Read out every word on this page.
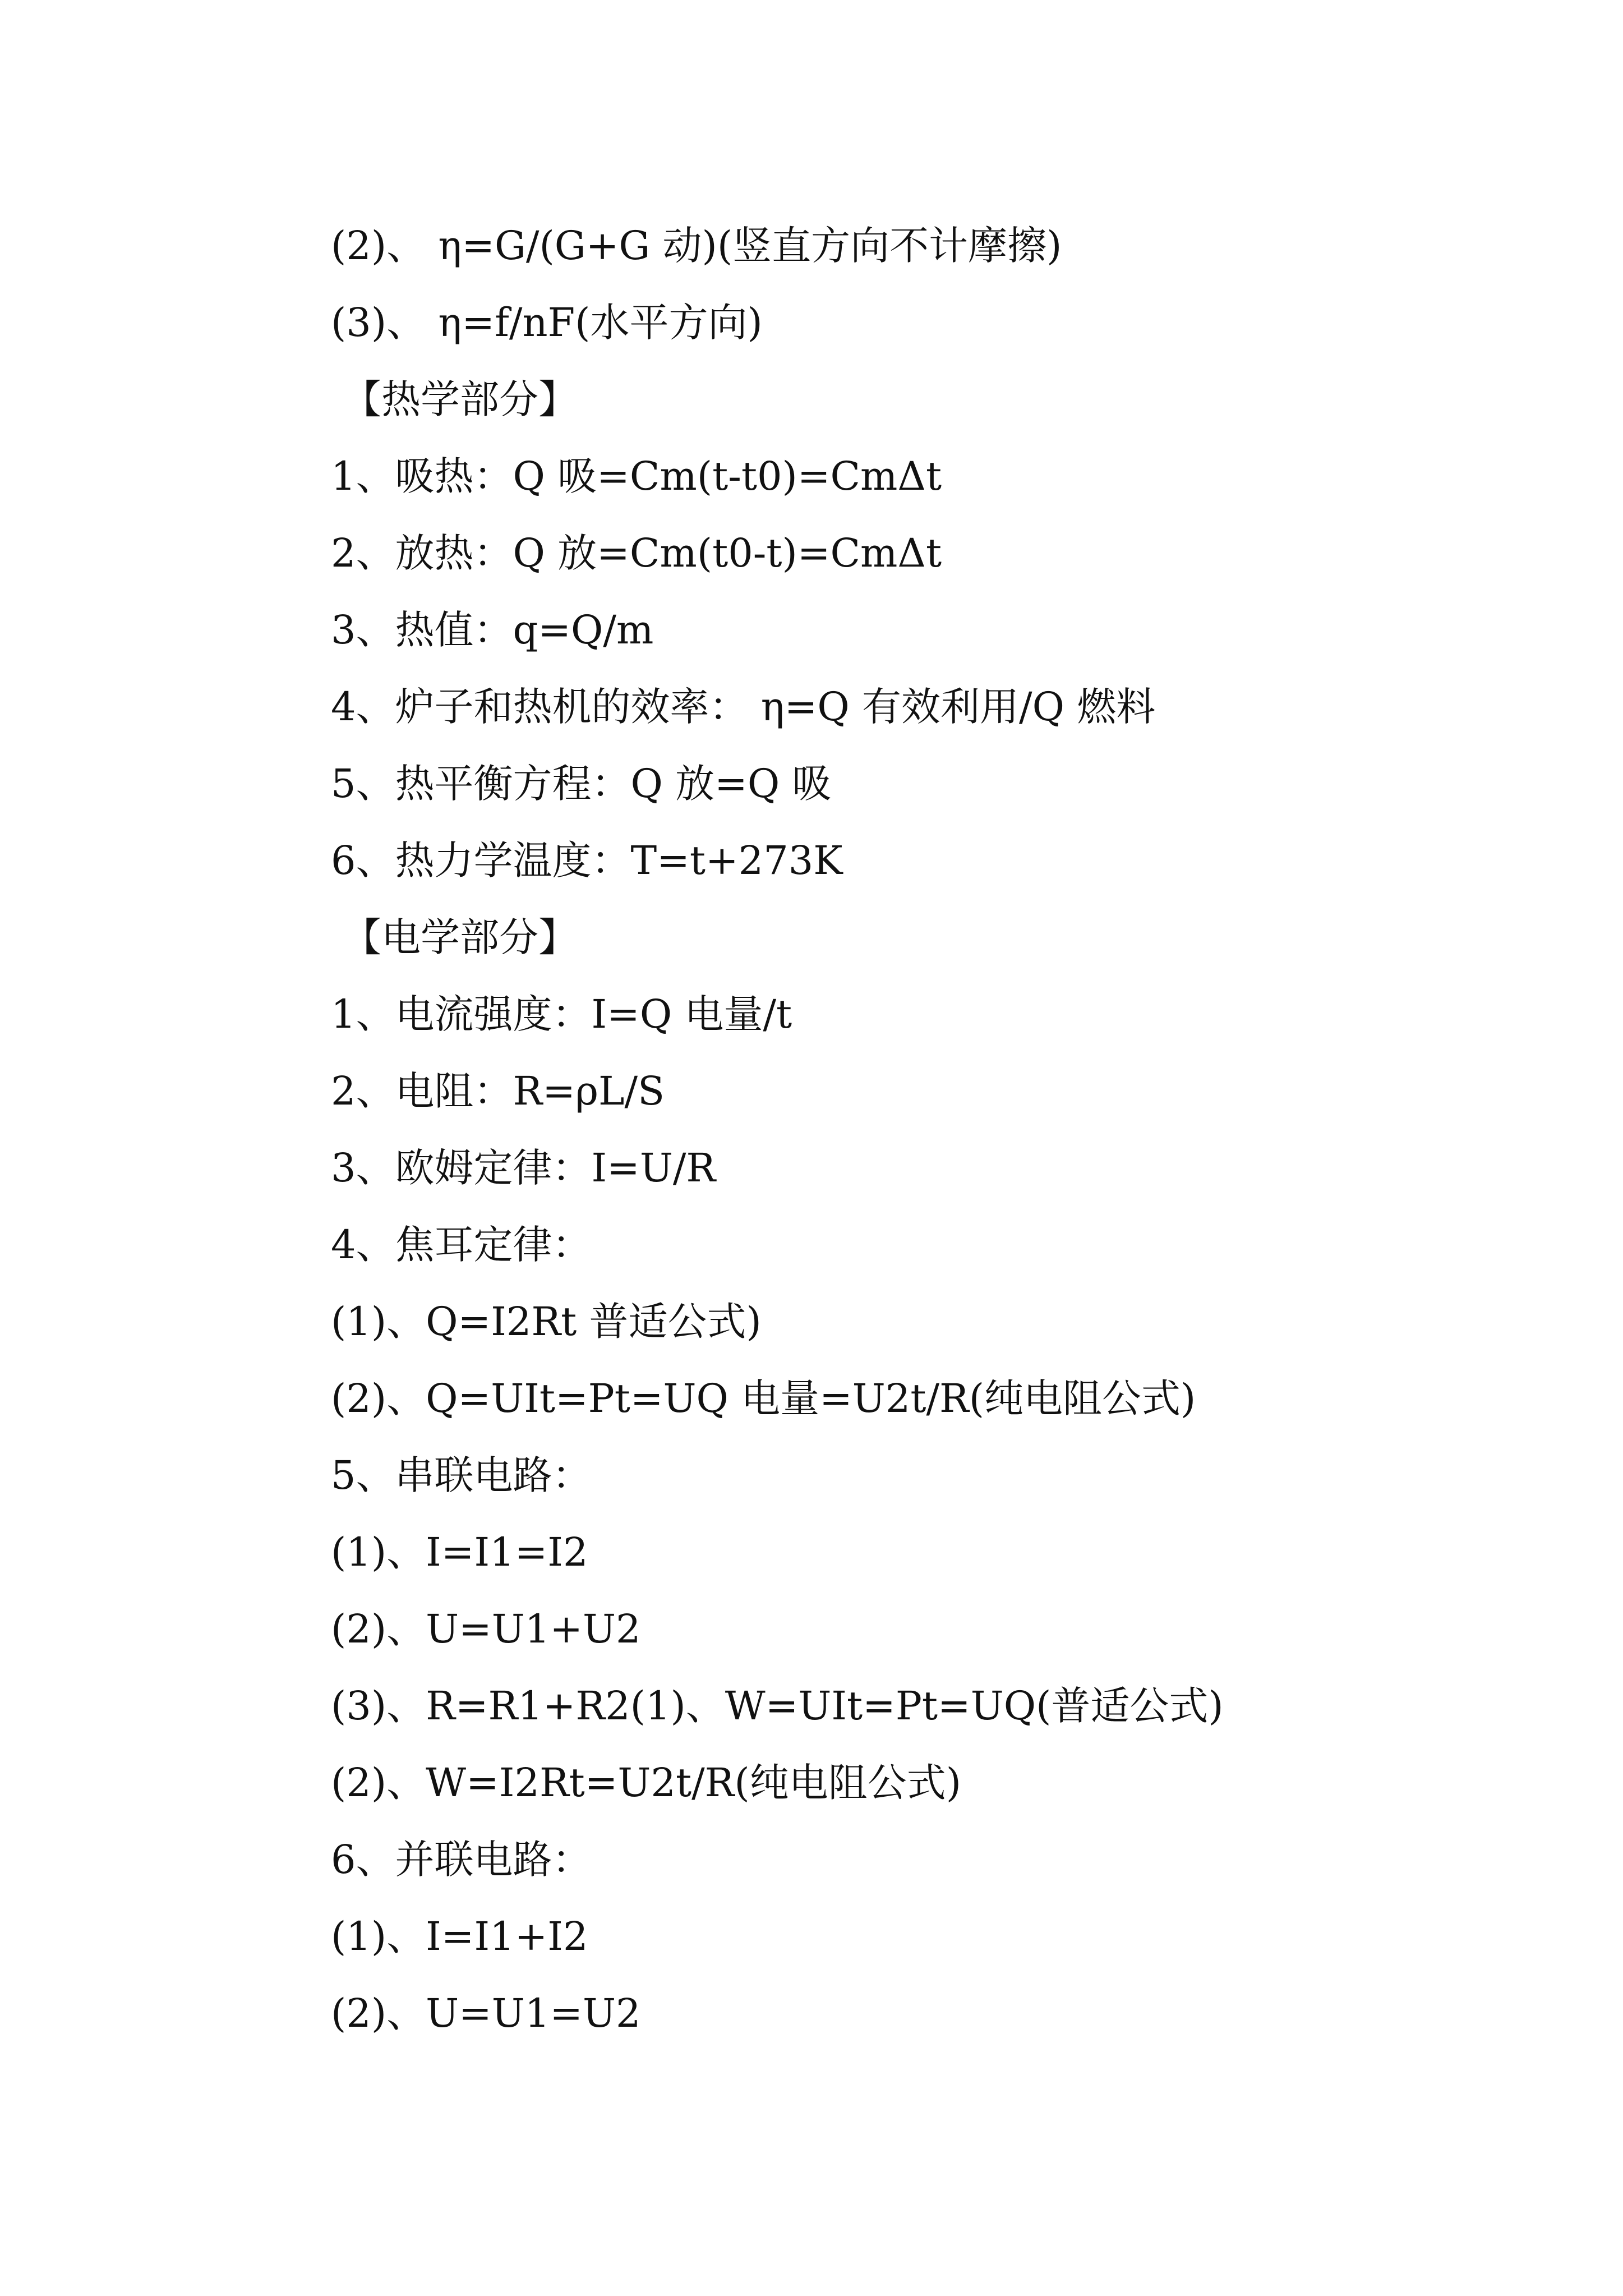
(2)、 η=G/(G+G 动)(竖直方向不计摩擦)
(3)、 η=f/nF(水平方向)
【热学部分】
1、吸热：Q 吸=Cm(t-t0)=CmΔt
2、放热：Q 放=Cm(t0-t)=CmΔt
3、热值：q=Q/m
4、炉子和热机的效率： η=Q 有效利用/Q 燃料
5、热平衡方程：Q 放=Q 吸
6、热力学温度：T=t+273K
【电学部分】
1、电流强度：I=Q 电量/t
2、电阻：R=ρL/S
3、欧姆定律：I=U/R
4、焦耳定律：
(1)、Q=I2Rt 普适公式)
(2)、Q=UIt=Pt=UQ 电量=U2t/R(纯电阻公式)
5、串联电路：
(1)、I=I1=I2
(2)、U=U1+U2
(3)、R=R1+R2(1)、W=UIt=Pt=UQ(普适公式)
(2)、W=I2Rt=U2t/R(纯电阻公式)
6、并联电路：
(1)、I=I1+I2
(2)、U=U1=U2
